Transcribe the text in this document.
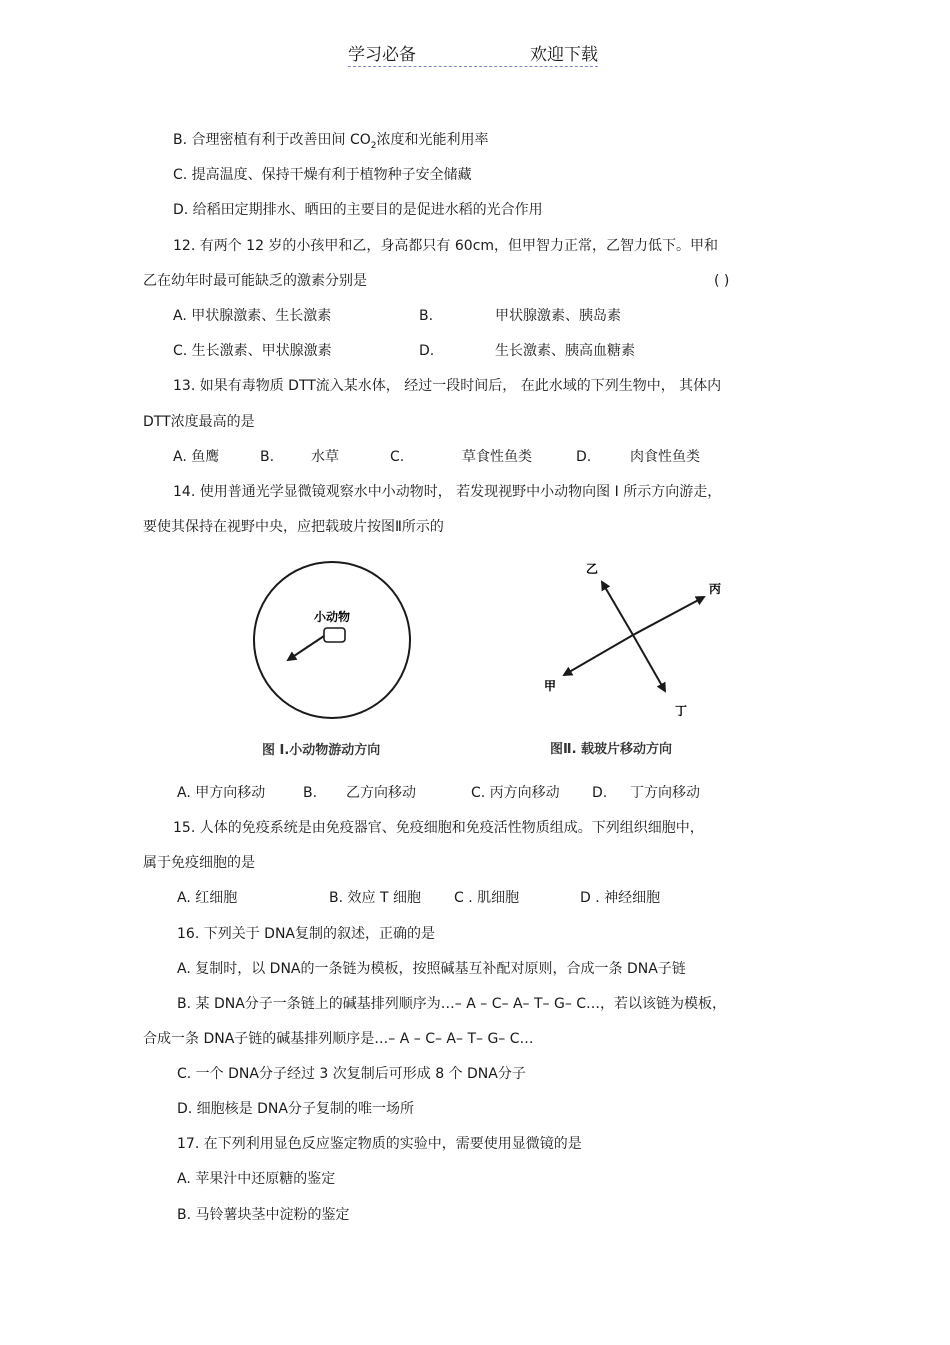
学习必备	欢迎下载
B. 合理密植有利于改善田间 $CO_2$浓度和光能利用率
C. 提高温度、保持干燥有利于植物种子安全储藏
D. 给稻田定期排水、晒田的主要目的是促进水稻的光合作用
12. 有两个 12 岁的小孩甲和乙，身高都只有 60cm，但甲智力正常，乙智力低下。甲和
乙在幼年时最可能缺乏的激素分别是	( )
A. 甲状腺激素、生长激素	B.	甲状腺激素、胰岛素
C. 生长激素、甲状腺激素	D.	生长激素、胰高血糖素
13. 如果有毒物质 DTT流入某水体， 经过一段时间后， 在此水域的下列生物中， 其体内
DTT浓度最高的是
A. 鱼鹰	B.	水草	C.	草食性鱼类	D.	肉食性鱼类
14. 使用普通光学显微镜观察水中小动物时， 若发现视野中小动物向图 I 所示方向游走，
要使其保持在视野中央，应把载玻片按图Ⅱ所示的
小动物
图 I.小动物游动方向
乙
丙
甲
丁
图Ⅱ. 载玻片移动方向
A. 甲方向移动	B. 乙方向移动	C. 丙方向移动 D. 丁方向移动
15. 人体的免疫系统是由免疫器官、免疫细胞和免疫活性物质组成。下列组织细胞中，
属于免疫细胞的是
A. 红细胞	B. 效应 T 细胞 C . 肌细胞	D . 神经细胞
16. 下列关于 DNA复制的叙述，正确的是
A. 复制时，以 DNA的一条链为模板，按照碱基互补配对原则，合成一条 DNA子链
B. 某 DNA分子一条链上的碱基排列顺序为…– A – C– A– T– G– C…，若以该链为模板，
合成一条 DNA子链的碱基排列顺序是…– A – C– A– T– G– C…
C. 一个 DNA分子经过 3 次复制后可形成 8 个 DNA分子
D. 细胞核是 DNA分子复制的唯一场所
17. 在下列利用显色反应鉴定物质的实验中，需要使用显微镜的是
A. 苹果汁中还原糖的鉴定
B. 马铃薯块茎中淀粉的鉴定
